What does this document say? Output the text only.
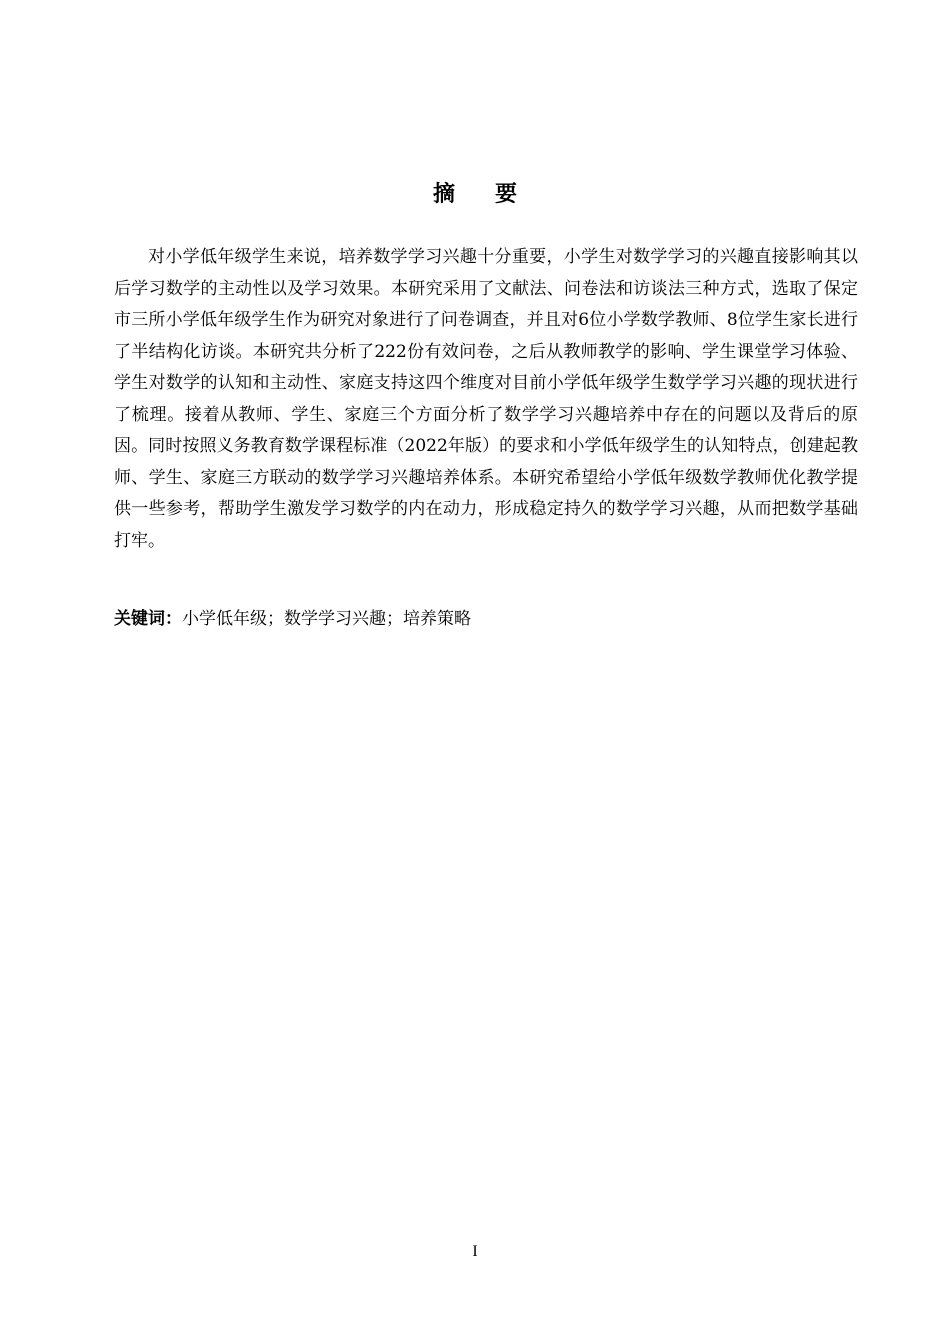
摘要

对小学低年级学生来说，培养数学学习兴趣十分重要，小学生对数学学习的兴趣直接影响其以后学习数学的主动性以及学习效果。本研究采用了文献法、问卷法和访谈法三种方式，选取了保定市三所小学低年级学生作为研究对象进行了问卷调查，并且对6位小学数学教师、8位学生家长进行了半结构化访谈。本研究共分析了222份有效问卷，之后从教师教学的影响、学生课堂学习体验、学生对数学的认知和主动性、家庭支持这四个维度对目前小学低年级学生数学学习兴趣的现状进行了梳理。接着从教师、学生、家庭三个方面分析了数学学习兴趣培养中存在的问题以及背后的原因。同时按照义务教育数学课程标准（2022年版）的要求和小学低年级学生的认知特点，创建起教师、学生、家庭三方联动的数学学习兴趣培养体系。本研究希望给小学低年级数学教师优化教学提供一些参考，帮助学生激发学习数学的内在动力，形成稳定持久的数学学习兴趣，从而把数学基础打牢。

关键词：小学低年级；数学学习兴趣；培养策略

I
